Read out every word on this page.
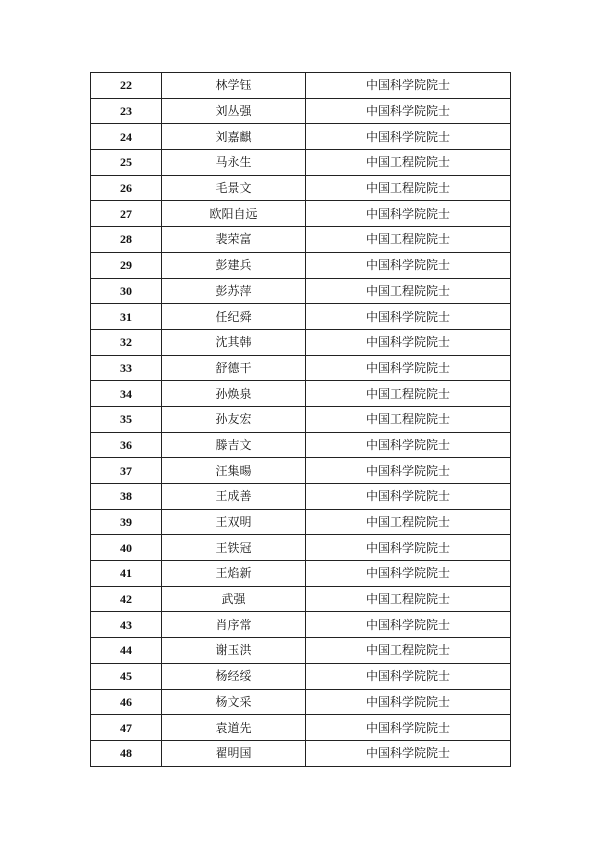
22	林学钰	中国科学院院士
23	刘丛强	中国科学院院士
24	刘嘉麒	中国科学院院士
25	马永生	中国工程院院士
26	毛景文	中国工程院院士
27	欧阳自远	中国科学院院士
28	裴荣富	中国工程院院士
29	彭建兵	中国科学院院士
30	彭苏萍	中国工程院院士
31	任纪舜	中国科学院院士
32	沈其韩	中国科学院院士
33	舒德干	中国科学院院士
34	孙焕泉	中国工程院院士
35	孙友宏	中国工程院院士
36	滕吉文	中国科学院院士
37	汪集暘	中国科学院院士
38	王成善	中国科学院院士
39	王双明	中国工程院院士
40	王铁冠	中国科学院院士
41	王焰新	中国科学院院士
42	武强	中国工程院院士
43	肖序常	中国科学院院士
44	谢玉洪	中国工程院院士
45	杨经绥	中国科学院院士
46	杨文采	中国科学院院士
47	袁道先	中国科学院院士
48	翟明国	中国科学院院士
